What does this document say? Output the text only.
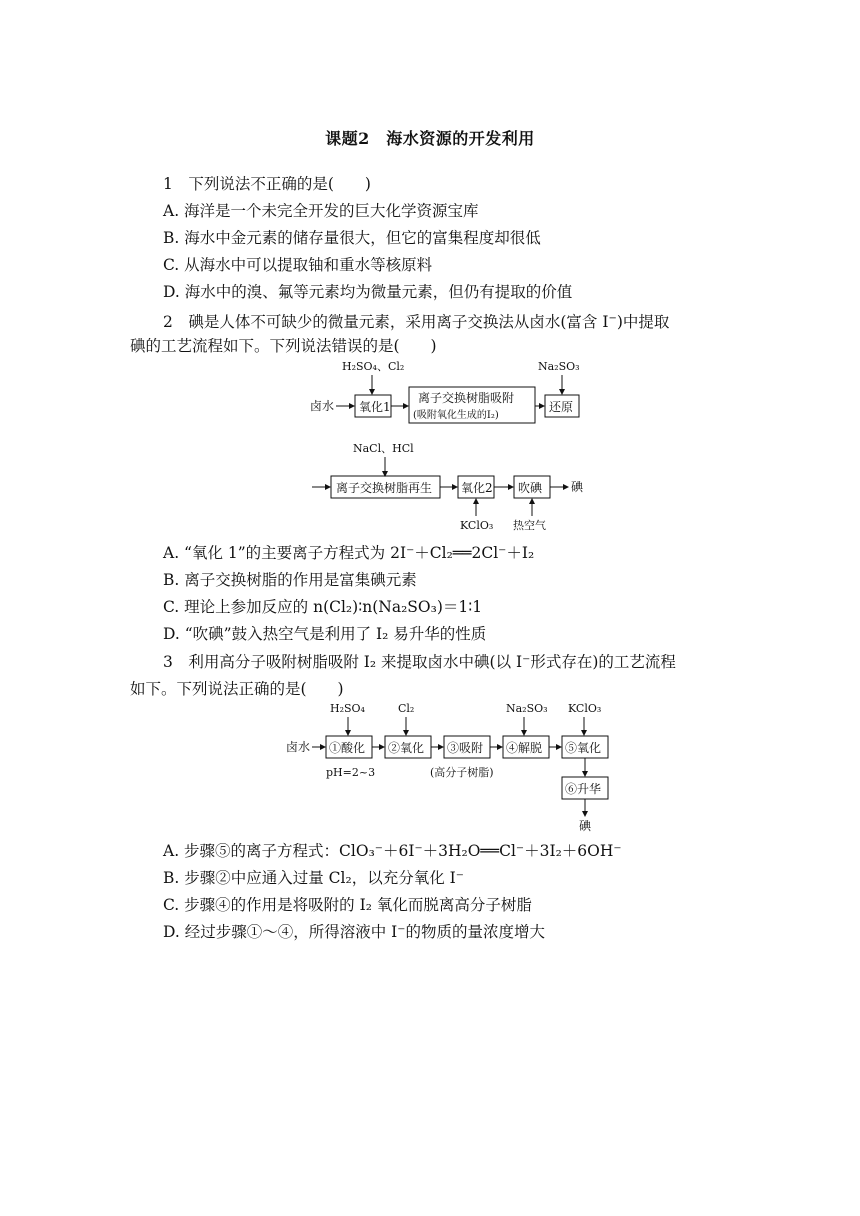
课题2　海水资源的开发利用
1　下列说法不正确的是(　　)
A. 海洋是一个未完全开发的巨大化学资源宝库
B. 海水中金元素的储存量很大，但它的富集程度却很低
C. 从海水中可以提取铀和重水等核原料
D. 海水中的溴、氟等元素均为微量元素，但仍有提取的价值
2　碘是人体不可缺少的微量元素，采用离子交换法从卤水(富含 I−)中提取
碘的工艺流程如下。下列说法错误的是(　　)
H₂SO₄、Cl₂	Na₂SO₃
卤水 氧化1
离子交换树脂吸附
(吸附氧化生成的I₂)
还原
NaCl、HCl
离子交换树脂再生 氧化2 吹碘 碘
KClO₃ 热空气
A. “氧化 1”的主要离子方程式为 2I⁻＋Cl₂══2Cl⁻＋I₂
B. 离子交换树脂的作用是富集碘元素
C. 理论上参加反应的 n(Cl₂)∶n(Na₂SO₃)＝1∶1
D. “吹碘”鼓入热空气是利用了 I₂ 易升华的性质
3　利用高分子吸附树脂吸附 I₂ 来提取卤水中碘(以 I⁻形式存在)的工艺流程
如下。下列说法正确的是(　　)
H₂SO₄	Cl₂	Na₂SO₃ KClO₃
卤水 ①酸化 ②氧化 ③吸附 ④解脱 ⑤氧化
pH=2~3	(高分子树脂)
⑥升华
碘
A. 步骤⑤的离子方程式：ClO₃⁻＋6I⁻＋3H₂O══Cl⁻＋3I₂＋6OH⁻
B. 步骤②中应通入过量 Cl₂，以充分氧化 I⁻
C. 步骤④的作用是将吸附的 I₂ 氧化而脱离高分子树脂
D. 经过步骤①～④，所得溶液中 I⁻的物质的量浓度增大
